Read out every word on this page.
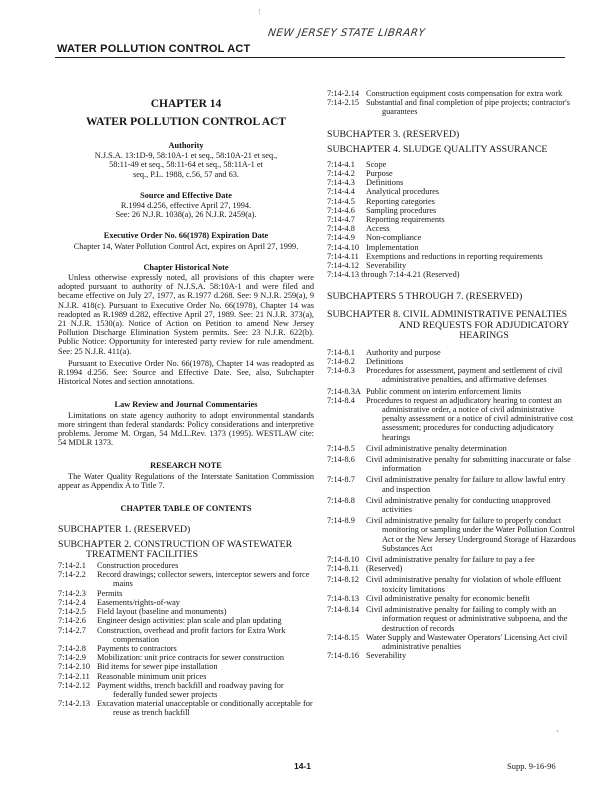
!
NEW JERSEY STATE LIBRARY
WATER POLLUTION CONTROL ACT
CHAPTER 14
WATER POLLUTION CONTROL ACT
Authority
N.J.S.A. 13:1D-9, 58:10A-1 et seq., 58:10A-21 et seq.,
58:11-49 et seq., 58:11-64 et seq., 58:11A-1 et
seq., P.L. 1988, c.56, 57 and 63.
Source and Effective Date
R.1994 d.256, effective April 27, 1994.
See: 26 N.J.R. 1038(a), 26 N.J.R. 2459(a).
Executive Order No. 66(1978) Expiration Date
Chapter 14, Water Pollution Control Act, expires on April 27, 1999.
Chapter Historical Note
Unless otherwise expressly noted, all provisions of this chapter were adopted pursuant to authority of N.J.S.A. 58:10A-1 and were filed and became effective on July 27, 1977, as R.1977 d.268. See: 9 N.J.R. 259(a), 9 N.J.R. 418(c). Pursuant to Executive Order No. 66(1978), Chapter 14 was readopted as R.1989 d.282, effective April 27, 1989. See: 21 N.J.R. 373(a), 21 N.J.R. 1530(a). Notice of Action on Petition to amend New Jersey Pollution Discharge Elimination System permits. See: 23 N.J.R. 622(b). Public Notice: Opportunity for interested party review for rule amendment. See: 25 N.J.R. 411(a).
Pursuant to Executive Order No. 66(1978), Chapter 14 was readopted as R.1994 d.256. See: Source and Effective Date. See, also, Subchapter Historical Notes and section annotations.
Law Review and Journal Commentaries
Limitations on state agency authority to adopt environmental standards more stringent than federal standards: Policy considerations and interpretive problems. Jerome M. Organ, 54 Md.L.Rev. 1373 (1995). WESTLAW cite: 54 MDLR 1373.
RESEARCH NOTE
The Water Quality Regulations of the Interstate Sanitation Commission appear as Appendix A to Title 7.
CHAPTER TABLE OF CONTENTS
SUBCHAPTER 1. (RESERVED)
SUBCHAPTER 2. CONSTRUCTION OF WASTEWATER
TREATMENT FACILITIES
7:14-2.1	Construction procedures
7:14-2.2	Record drawings; collector sewers, interceptor sewers and force mains
7:14-2.3	Permits
7:14-2.4	Easements/rights-of-way
7:14-2.5	Field layout (baseline and monuments)
7:14-2.6	Engineer design activities: plan scale and plan updating
7:14-2.7	Construction, overhead and profit factors for Extra Work compensation
7:14-2.8	Payments to contractors
7:14-2.9	Mobilization: unit price contracts for sewer construction
7:14-2.10 Bid items for sewer pipe installation
7:14-2.11 Reasonable minimum unit prices
7:14-2.12 Payment widths, trench backfill and roadway paving for federally funded sewer projects
7:14-2.13 Excavation material unacceptable or conditionally acceptable for reuse as trench backfill
7:14-2.14 Construction equipment costs compensation for extra work
7:14-2.15 Substantial and final completion of pipe projects; contractor's guarantees
SUBCHAPTER 3. (RESERVED)
SUBCHAPTER 4. SLUDGE QUALITY ASSURANCE
7:14-4.1	Scope
7:14-4.2	Purpose
7:14-4.3	Definitions
7:14-4.4	Analytical procedures
7:14-4.5	Reporting categories
7:14-4.6	Sampling procedures
7:14-4.7	Reporting requirements
7:14-4.8	Access
7:14-4.9	Non-compliance
7:14-4.10 Implementation
7:14-4.11 Exemptions and reductions in reporting requirements
7:14-4.12 Severability
7:14-4.13 through 7:14-4.21 (Reserved)
SUBCHAPTERS 5 THROUGH 7. (RESERVED)
SUBCHAPTER 8. CIVIL ADMINISTRATIVE PENALTIES
AND REQUESTS FOR ADJUDICATORY
HEARINGS
7:14-8.1	Authority and purpose
7:14-8.2	Definitions
7:14-8.3	Procedures for assessment, payment and settlement of civil administrative penalties, and affirmative defenses
7:14-8.3A Public comment on interim enforcement limits
7:14-8.4	Procedures to request an adjudicatory hearing to contest an administrative order, a notice of civil administrative penalty assessment or a notice of civil administrative cost assessment; procedures for conducting adjudicatory hearings
7:14-8.5	Civil administrative penalty determination
7:14-8.6	Civil administrative penalty for submitting inaccurate or false information
7:14-8.7	Civil administrative penalty for failure to allow lawful entry and inspection
7:14-8.8	Civil administrative penalty for conducting unapproved activities
7:14-8.9	Civil administrative penalty for failure to properly conduct monitoring or sampling under the Water Pollution Control Act or the New Jersey Underground Storage of Hazardous Substances Act
7:14-8.10 Civil administrative penalty for failure to pay a fee
7:14-8.11 (Reserved)
7:14-8.12 Civil administrative penalty for violation of whole effluent toxicity limitations
7:14-8.13 Civil administrative penalty for economic benefit
7:14-8.14 Civil administrative penalty for failing to comply with an information request or administrative subpoena, and the destruction of records
7:14-8.15 Water Supply and Wastewater Operators' Licensing Act civil administrative penalties
7:14-8.16 Severability
ˎ
14-1	Supp. 9-16-96
